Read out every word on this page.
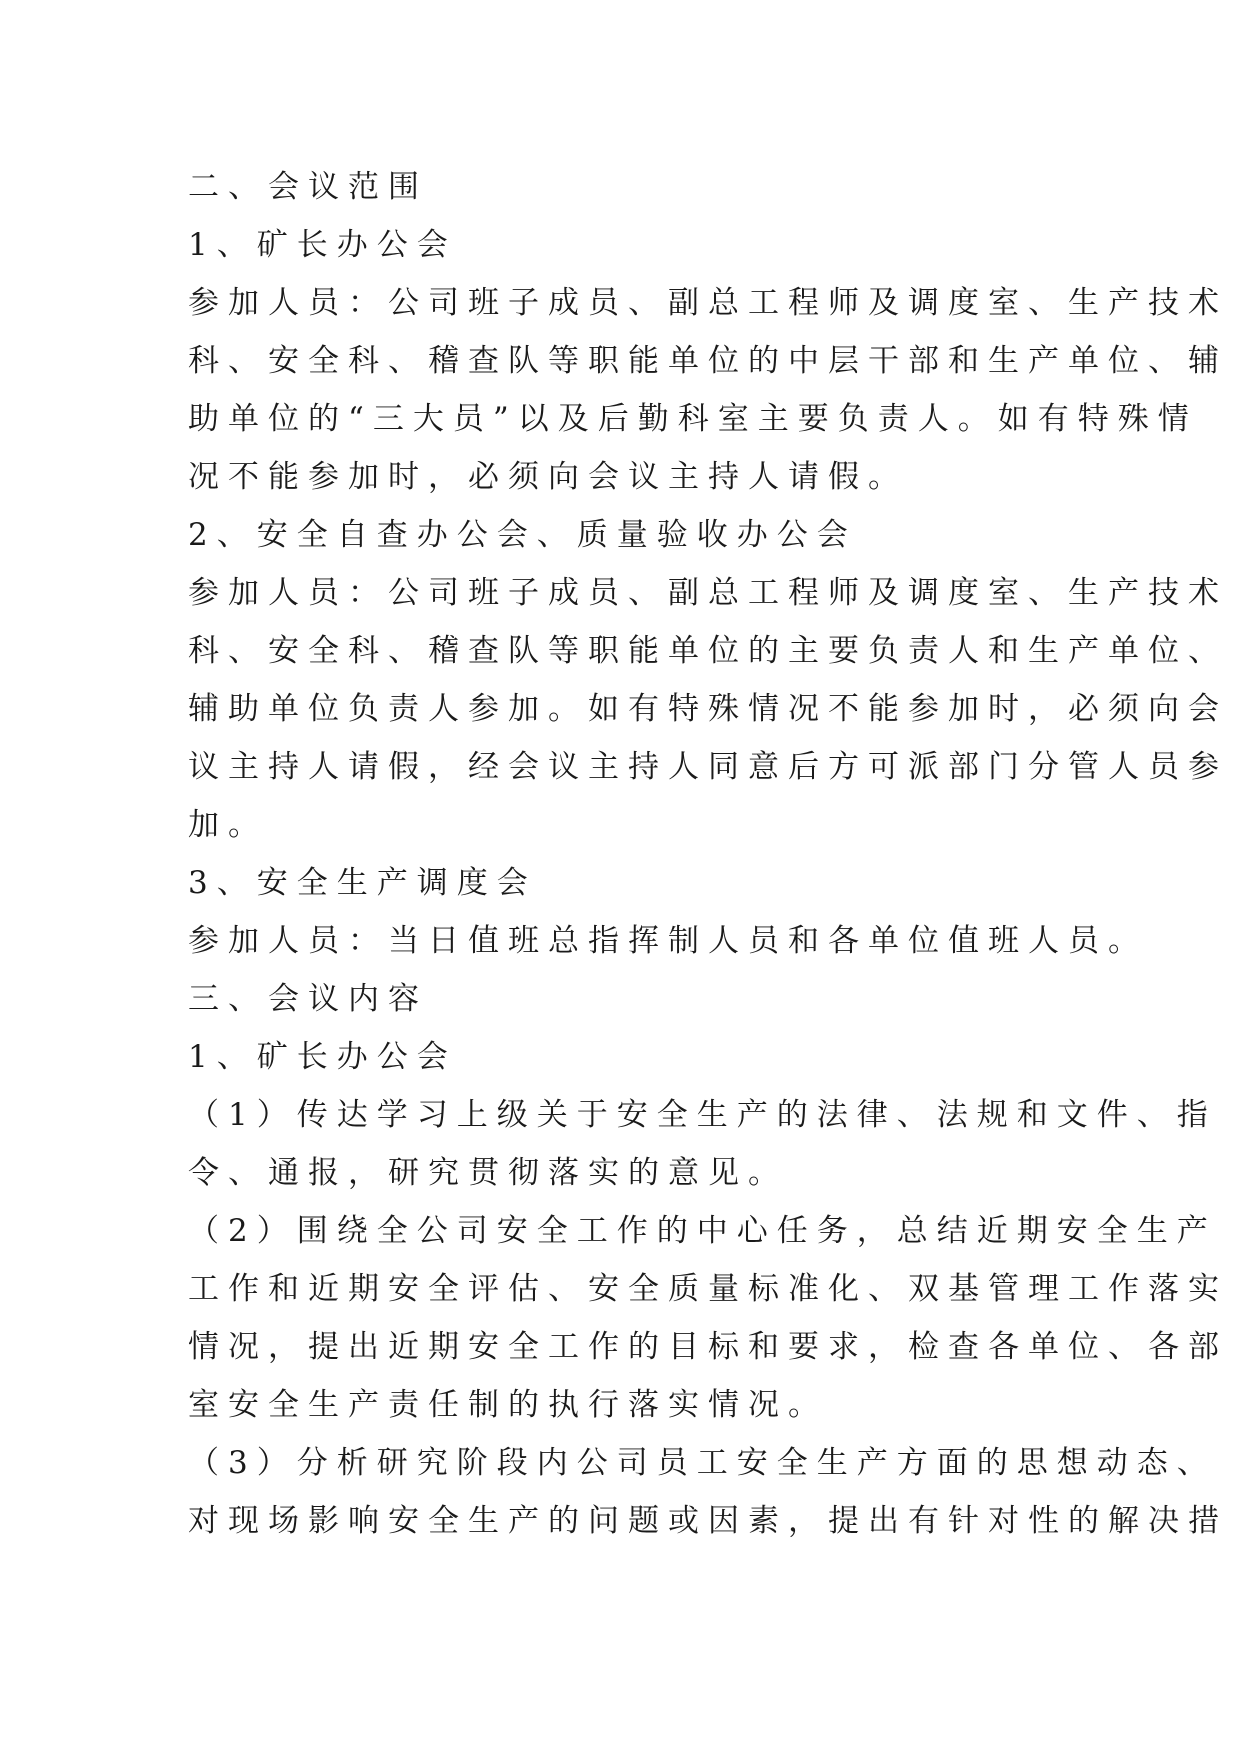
二、会议范围
1、矿长办公会
参加人员：公司班子成员、副总工程师及调度室、生产技术
科、安全科、稽查队等职能单位的中层干部和生产单位、辅
助单位的“三大员”以及后勤科室主要负责人。如有特殊情
况不能参加时，必须向会议主持人请假。
2、安全自查办公会、质量验收办公会
参加人员：公司班子成员、副总工程师及调度室、生产技术
科、安全科、稽查队等职能单位的主要负责人和生产单位、
辅助单位负责人参加。如有特殊情况不能参加时，必须向会
议主持人请假，经会议主持人同意后方可派部门分管人员参
加。
3、安全生产调度会
参加人员：当日值班总指挥制人员和各单位值班人员。
三、会议内容
1、矿长办公会
（1）传达学习上级关于安全生产的法律、法规和文件、指
令、通报，研究贯彻落实的意见。
（2）围绕全公司安全工作的中心任务，总结近期安全生产
工作和近期安全评估、安全质量标准化、双基管理工作落实
情况，提出近期安全工作的目标和要求，检查各单位、各部
室安全生产责任制的执行落实情况。
（3）分析研究阶段内公司员工安全生产方面的思想动态、
对现场影响安全生产的问题或因素，提出有针对性的解决措
